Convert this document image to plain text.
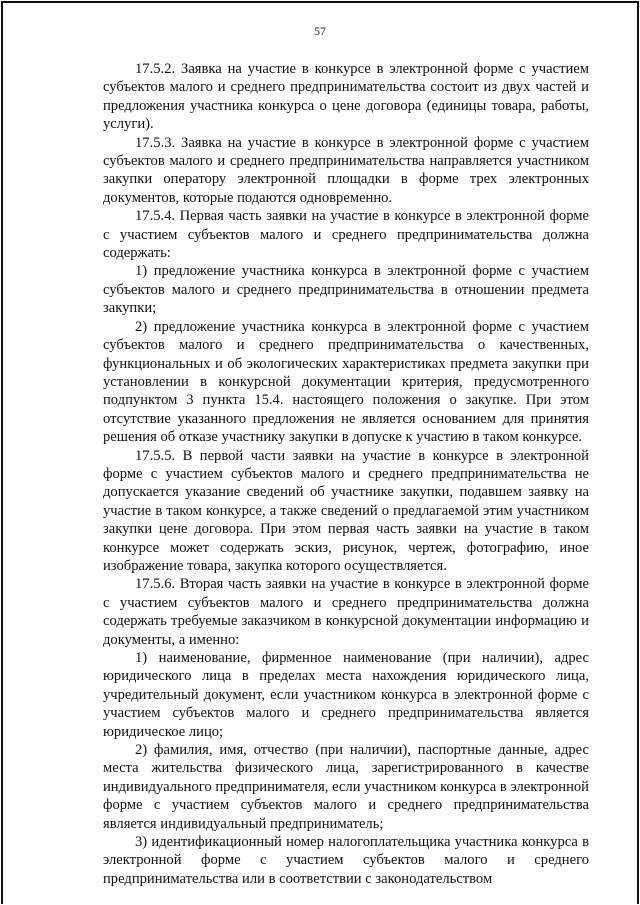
57

17.5.2. Заявка на участие в конкурсе в электронной форме с участием субъектов малого и среднего предпринимательства состоит из двух частей и предложения участника конкурса о цене договора (единицы товара, работы, услуги).

17.5.3. Заявка на участие в конкурсе в электронной форме с участием субъектов малого и среднего предпринимательства направляется участником закупки оператору электронной площадки в форме трех электронных документов, которые подаются одновременно.

17.5.4. Первая часть заявки на участие в конкурсе в электронной форме с участием субъектов малого и среднего предпринимательства должна содержать:

1) предложение участника конкурса в электронной форме с участием субъектов малого и среднего предпринимательства в отношении предмета закупки;

2) предложение участника конкурса в электронной форме с участием субъектов малого и среднего предпринимательства о качественных, функциональных и об экологических характеристиках предмета закупки при установлении в конкурсной документации критерия, предусмотренного подпунктом 3 пункта 15.4. настоящего положения о закупке. При этом отсутствие указанного предложения не является основанием для принятия решения об отказе участнику закупки в допуске к участию в таком конкурсе.

17.5.5. В первой части заявки на участие в конкурсе в электронной форме с участием субъектов малого и среднего предпринимательства не допускается указание сведений об участнике закупки, подавшем заявку на участие в таком конкурсе, а также сведений о предлагаемой этим участником закупки цене договора. При этом первая часть заявки на участие в таком конкурсе может содержать эскиз, рисунок, чертеж, фотографию, иное изображение товара, закупка которого осуществляется.

17.5.6. Вторая часть заявки на участие в конкурсе в электронной форме с участием субъектов малого и среднего предпринимательства должна содержать требуемые заказчиком в конкурсной документации информацию и документы, а именно:

1) наименование, фирменное наименование (при наличии), адрес юридического лица в пределах места нахождения юридического лица, учредительный документ, если участником конкурса в электронной форме с участием субъектов малого и среднего предпринимательства является юридическое лицо;

2) фамилия, имя, отчество (при наличии), паспортные данные, адрес места жительства физического лица, зарегистрированного в качестве индивидуального предпринимателя, если участником конкурса в электронной форме с участием субъектов малого и среднего предпринимательства является индивидуальный предприниматель;

3) идентификационный номер налогоплательщика участника конкурса в электронной форме с участием субъектов малого и среднего предпринимательства или в соответствии с законодательством
